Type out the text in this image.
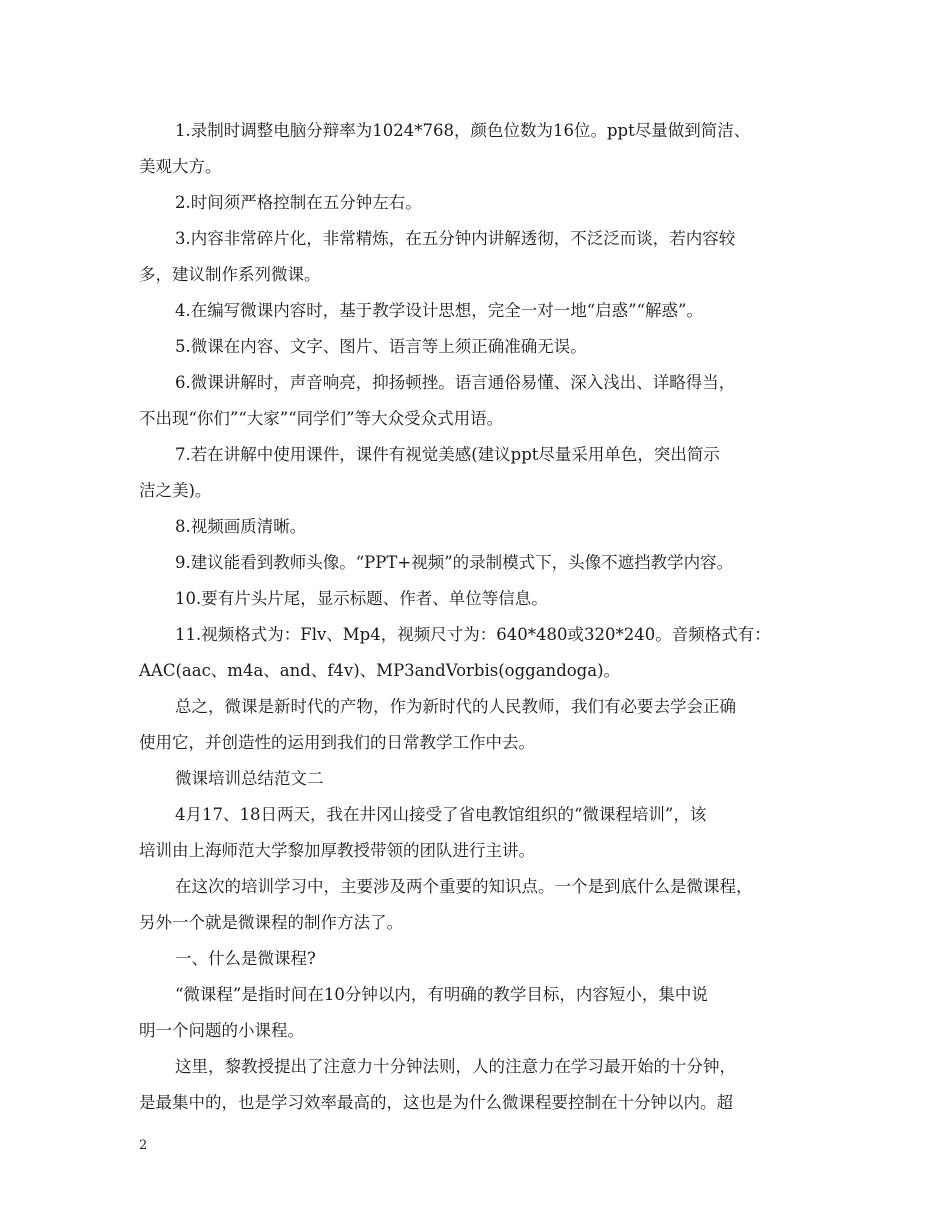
1.录制时调整电脑分辩率为1024*768，颜色位数为16位。ppt尽量做到简洁、
美观大方。
2.时间须严格控制在五分钟左右。
3.内容非常碎片化，非常精炼，在五分钟内讲解透彻，不泛泛而谈，若内容较
多，建议制作系列微课。
4.在编写微课内容时，基于教学设计思想，完全一对一地“启惑”“解惑”。
5.微课在内容、文字、图片、语言等上须正确准确无误。
6.微课讲解时，声音响亮，抑扬顿挫。语言通俗易懂、深入浅出、详略得当，
不出现“你们”“大家”“同学们”等大众受众式用语。
7.若在讲解中使用课件，课件有视觉美感(建议ppt尽量采用单色，突出简示
洁之美)。
8.视频画质清晰。
9.建议能看到教师头像。“PPT+视频”的录制模式下，头像不遮挡教学内容。
10.要有片头片尾，显示标题、作者、单位等信息。
11.视频格式为：Flv、Mp4，视频尺寸为：640*480或320*240。音频格式有：
AAC(aac、m4a、and、f4v)、MP3andVorbis(oggandoga)。
总之，微课是新时代的产物，作为新时代的人民教师，我们有必要去学会正确
使用它，并创造性的运用到我们的日常教学工作中去。
微课培训总结范文二
4月17、18日两天，我在井冈山接受了省电教馆组织的“微课程培训”，该
培训由上海师范大学黎加厚教授带领的团队进行主讲。
在这次的培训学习中，主要涉及两个重要的知识点。一个是到底什么是微课程，
另外一个就是微课程的制作方法了。
一、什么是微课程?
“微课程”是指时间在10分钟以内，有明确的教学目标，内容短小，集中说
明一个问题的小课程。
这里，黎教授提出了注意力十分钟法则，人的注意力在学习最开始的十分钟，
是最集中的，也是学习效率最高的，这也是为什么微课程要控制在十分钟以内。超
2
